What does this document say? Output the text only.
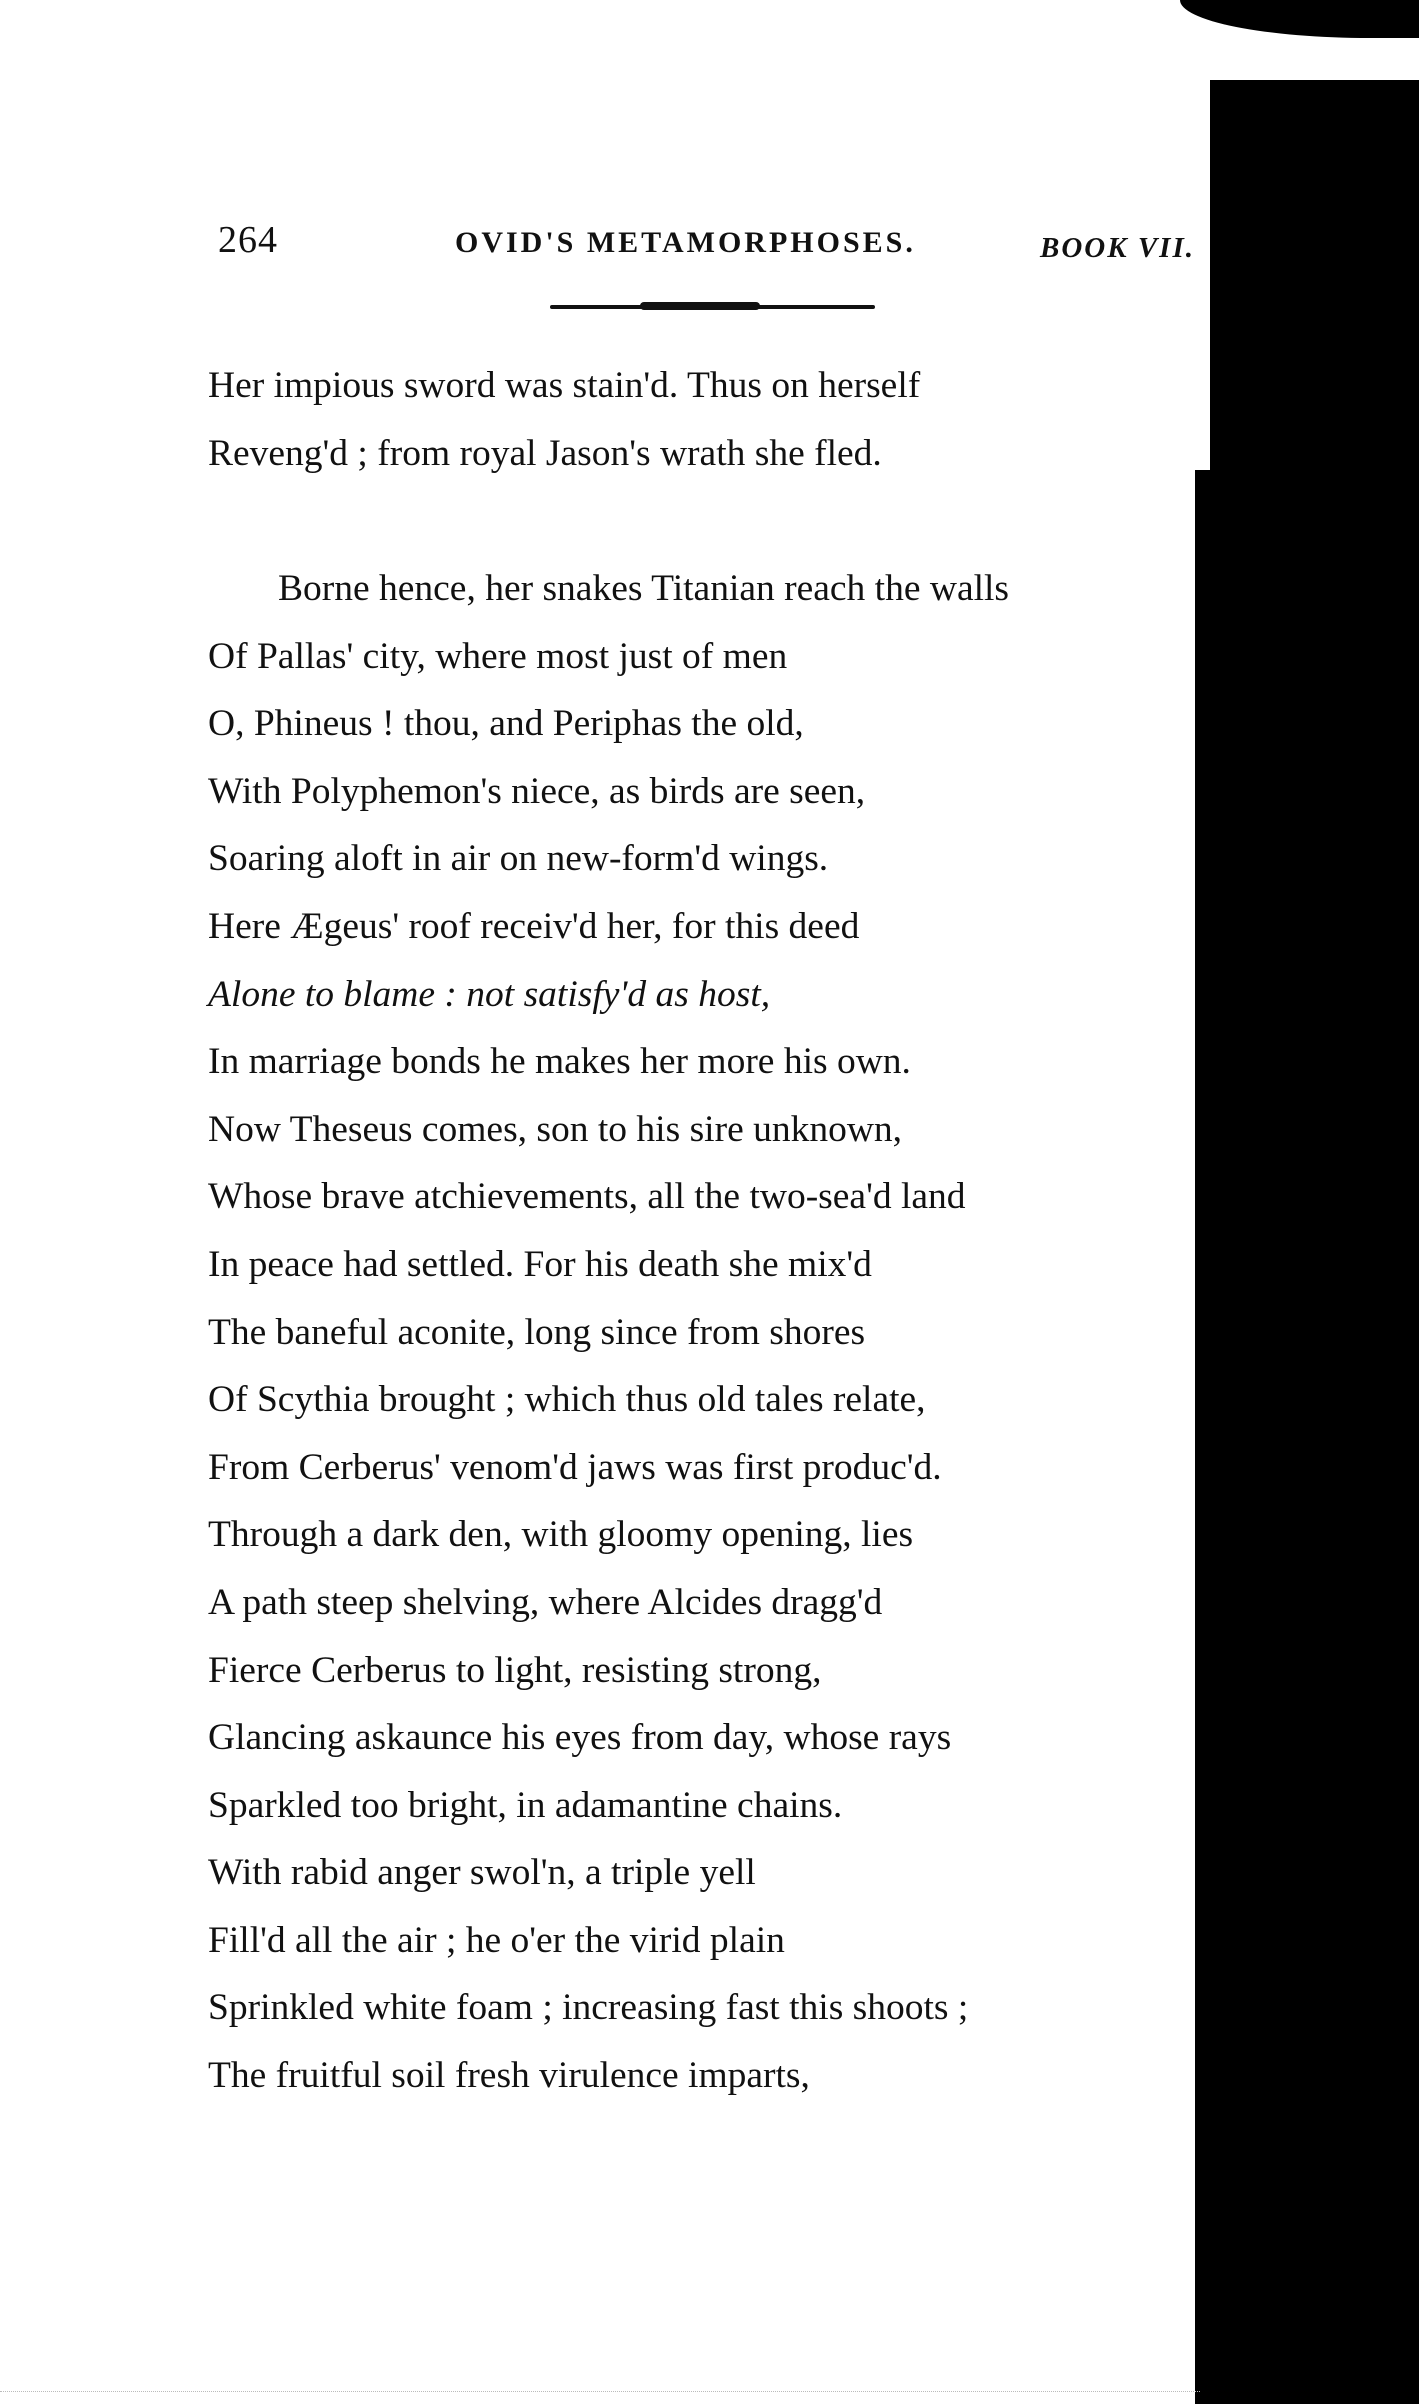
264	OVID'S METAMORPHOSES.	BOOK VII.
Her impious sword was stain'd. Thus on herself
Reveng'd ; from royal Jason's wrath she fled.
Borne hence, her snakes Titanian reach the walls
Of Pallas' city, where most just of men
O, Phineus ! thou, and Periphas the old,
With Polyphemon's niece, as birds are seen,
Soaring aloft in air on new-form'd wings.
Here Ægeus' roof receiv'd her, for this deed
Alone to blame : not satisfy'd as host,
In marriage bonds he makes her more his own.
Now Theseus comes, son to his sire unknown,
Whose brave atchievements, all the two-sea'd land
In peace had settled. For his death she mix'd
The baneful aconite, long since from shores
Of Scythia brought ; which thus old tales relate,
From Cerberus' venom'd jaws was first produc'd.
Through a dark den, with gloomy opening, lies
A path steep shelving, where Alcides dragg'd
Fierce Cerberus to light, resisting strong,
Glancing askaunce his eyes from day, whose rays
Sparkled too bright, in adamantine chains.
With rabid anger swol'n, a triple yell
Fill'd all the air ; he o'er the virid plain
Sprinkled white foam ; increasing fast this shoots ;
The fruitful soil fresh virulence imparts,
